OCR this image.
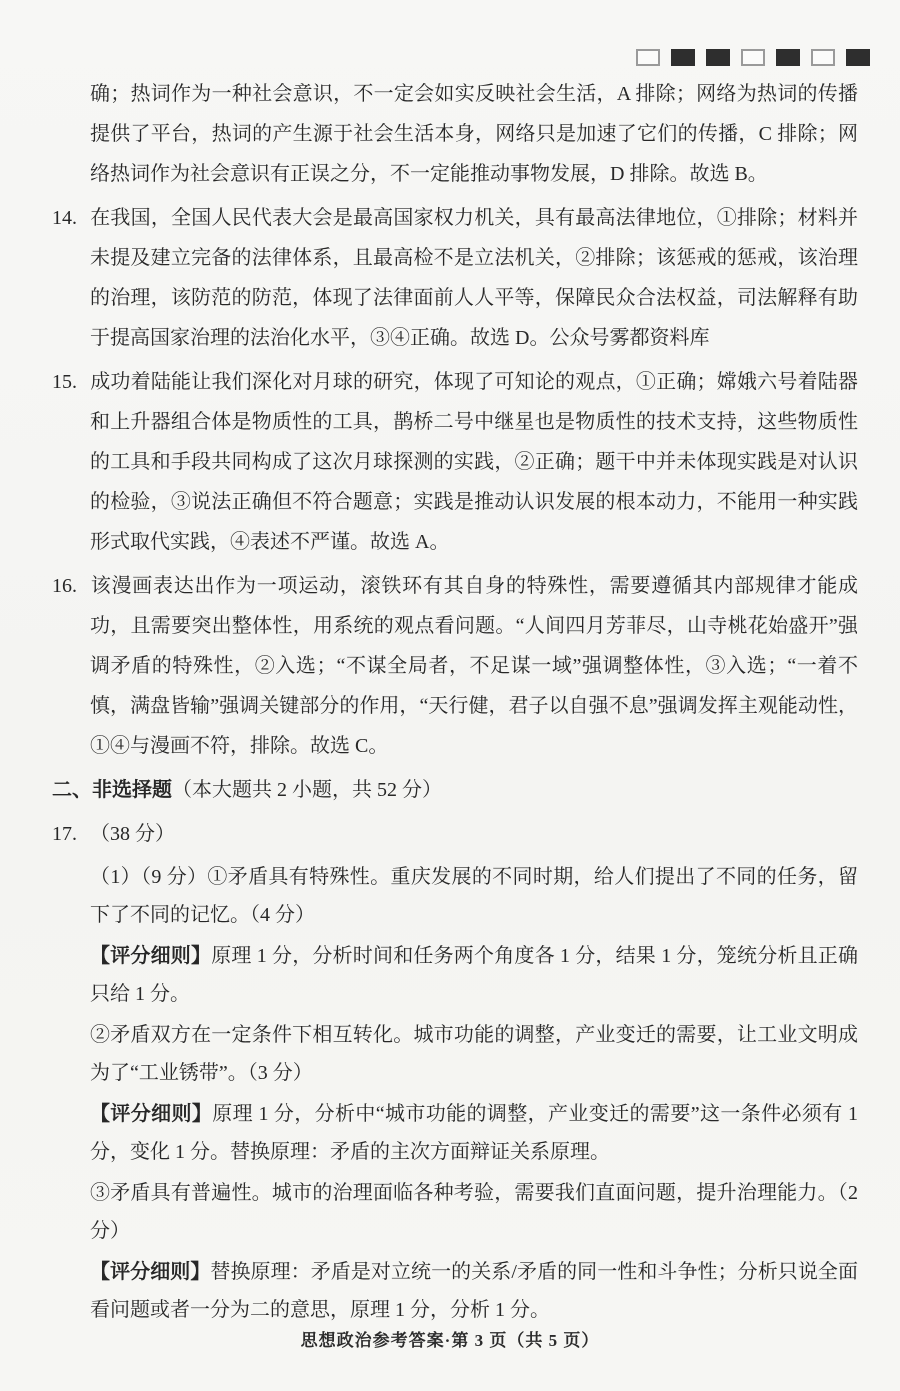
确；热词作为一种社会意识，不一定会如实反映社会生活，A 排除；网络为热词的传播提供了平台，热词的产生源于社会生活本身，网络只是加速了它们的传播，C 排除；网络热词作为社会意识有正误之分，不一定能推动事物发展，D 排除。故选 B。

14. 在我国，全国人民代表大会是最高国家权力机关，具有最高法律地位，①排除；材料并未提及建立完备的法律体系，且最高检不是立法机关，②排除；该惩戒的惩戒，该治理的治理，该防范的防范，体现了法律面前人人平等，保障民众合法权益，司法解释有助于提高国家治理的法治化水平，③④正确。故选 D。公众号雾都资料库

15. 成功着陆能让我们深化对月球的研究，体现了可知论的观点，①正确；嫦娥六号着陆器和上升器组合体是物质性的工具，鹊桥二号中继星也是物质性的技术支持，这些物质性的工具和手段共同构成了这次月球探测的实践，②正确；题干中并未体现实践是对认识的检验，③说法正确但不符合题意；实践是推动认识发展的根本动力，不能用一种实践形式取代实践，④表述不严谨。故选 A。

16. 该漫画表达出作为一项运动，滚铁环有其自身的特殊性，需要遵循其内部规律才能成功，且需要突出整体性，用系统的观点看问题。“人间四月芳菲尽，山寺桃花始盛开”强调矛盾的特殊性，②入选；“不谋全局者，不足谋一域”强调整体性，③入选；“一着不慎，满盘皆输”强调关键部分的作用，“天行健，君子以自强不息”强调发挥主观能动性，①④与漫画不符，排除。故选 C。

二、非选择题（本大题共 2 小题，共 52 分）

17. （38 分）

（1）（9 分）①矛盾具有特殊性。重庆发展的不同时期，给人们提出了不同的任务，留下了不同的记忆。（4 分）

【评分细则】原理 1 分，分析时间和任务两个角度各 1 分，结果 1 分，笼统分析且正确只给 1 分。

②矛盾双方在一定条件下相互转化。城市功能的调整，产业变迁的需要，让工业文明成为了“工业锈带”。（3 分）

【评分细则】原理 1 分，分析中“城市功能的调整，产业变迁的需要”这一条件必须有 1 分，变化 1 分。替换原理：矛盾的主次方面辩证关系原理。

③矛盾具有普遍性。城市的治理面临各种考验，需要我们直面问题，提升治理能力。（2 分）

【评分细则】替换原理：矛盾是对立统一的关系/矛盾的同一性和斗争性；分析只说全面看问题或者一分为二的意思，原理 1 分，分析 1 分。

思想政治参考答案·第 3 页（共 5 页）
